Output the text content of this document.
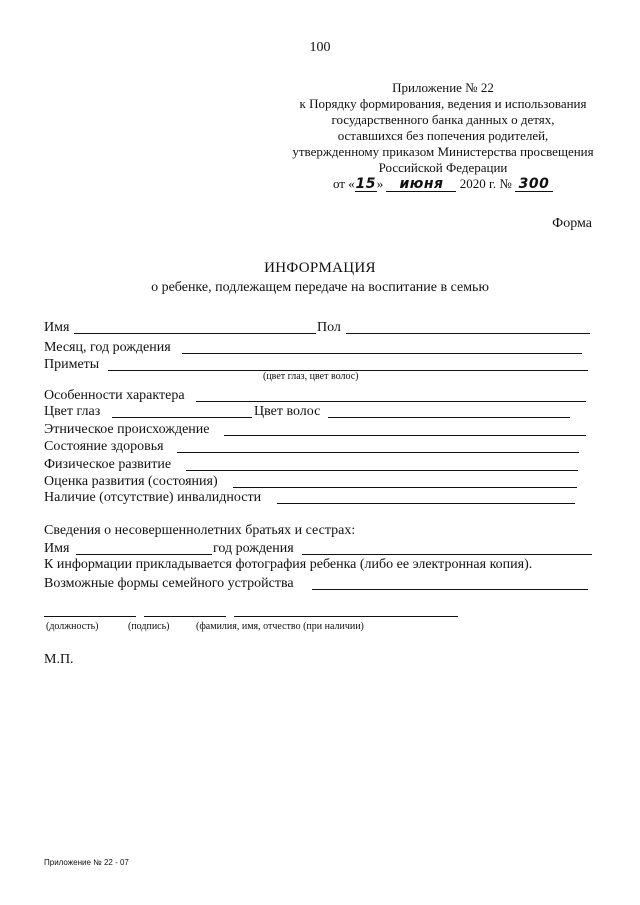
100
Приложение № 22
к Порядку формирования, ведения и использования
государственного банка данных о детях,
оставшихся без попечения родителей,
утвержденному приказом Министерства просвещения
Российской Федерации
от «15» июня 2020 г. № 300
Форма
ИНФОРМАЦИЯ
о ребенке, подлежащем передаче на воспитание в семью
Имя	Пол
Месяц, год рождения
Приметы
(цвет глаз, цвет волос)
Особенности характера
Цвет глаз	Цвет волос
Этническое происхождение
Состояние здоровья
Физическое развитие
Оценка развития (состояния)
Наличие (отсутствие) инвалидности
Сведения о несовершеннолетних братьях и сестрах:
Имя	год рождения
К информации прикладывается фотография ребенка (либо ее электронная копия).
Возможные формы семейного устройства
(должность)	(подпись)	(фамилия, имя, отчество (при наличии)
М.П.
Приложение № 22 - 07
